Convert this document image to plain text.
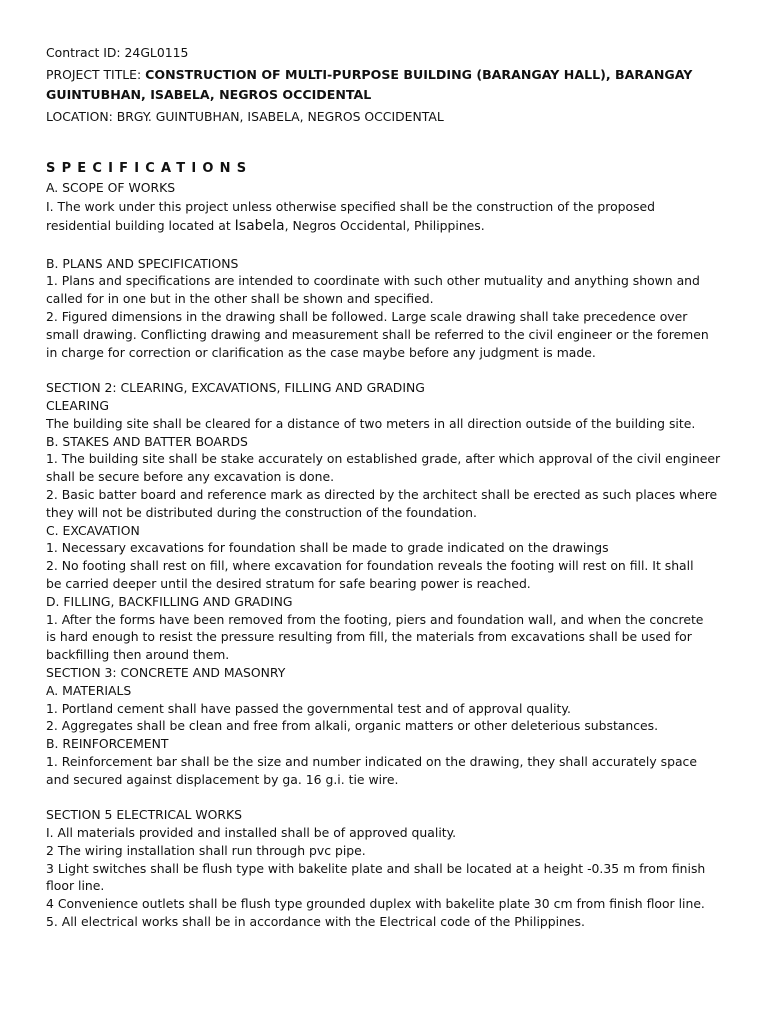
Contract ID: 24GL0115

PROJECT TITLE: CONSTRUCTION OF MULTI-PURPOSE BUILDING (BARANGAY HALL), BARANGAY
GUINTUBHAN, ISABELA, NEGROS OCCIDENTAL

LOCATION: BRGY. GUINTUBHAN, ISABELA, NEGROS OCCIDENTAL

SPECIFICATIONS

A. SCOPE OF WORKS

I. The work under this project unless otherwise specified shall be the construction of the proposed

residential building located at Isabela, Negros Occidental, Philippines.

B. PLANS AND SPECIFICATIONS

1. Plans and specifications are intended to coordinate with such other mutuality and anything shown and

called for in one but in the other shall be shown and specified.

2. Figured dimensions in the drawing shall be followed. Large scale drawing shall take precedence over

small drawing. Conflicting drawing and measurement shall be referred to the civil engineer or the foremen

in charge for correction or clarification as the case maybe before any judgment is made.

SECTION 2: CLEARING, EXCAVATIONS, FILLING AND GRADING

CLEARING

The building site shall be cleared for a distance of two meters in all direction outside of the building site.

B. STAKES AND BATTER BOARDS

1. The building site shall be stake accurately on established grade, after which approval of the civil engineer

shall be secure before any excavation is done.

2. Basic batter board and reference mark as directed by the architect shall be erected as such places where

they will not be distributed during the construction of the foundation.

C. EXCAVATION

1. Necessary excavations for foundation shall be made to grade indicated on the drawings

2. No footing shall rest on fill, where excavation for foundation reveals the footing will rest on fill. It shall

be carried deeper until the desired stratum for safe bearing power is reached.

D. FILLING, BACKFILLING AND GRADING

1. After the forms have been removed from the footing, piers and foundation wall, and when the concrete

is hard enough to resist the pressure resulting from fill, the materials from excavations shall be used for

backfilling then around them.

SECTION 3: CONCRETE AND MASONRY

A. MATERIALS

1. Portland cement shall have passed the governmental test and of approval quality.

2. Aggregates shall be clean and free from alkali, organic matters or other deleterious substances.

B. REINFORCEMENT

1. Reinforcement bar shall be the size and number indicated on the drawing, they shall accurately space

and secured against displacement by ga. 16 g.i. tie wire.

SECTION 5 ELECTRICAL WORKS

I. All materials provided and installed shall be of approved quality.

2 The wiring installation shall run through pvc pipe.

3 Light switches shall be flush type with bakelite plate and shall be located at a height -0.35 m from finish

floor line.

4 Convenience outlets shall be flush type grounded duplex with bakelite plate 30 cm from finish floor line.

5. All electrical works shall be in accordance with the Electrical code of the Philippines.
